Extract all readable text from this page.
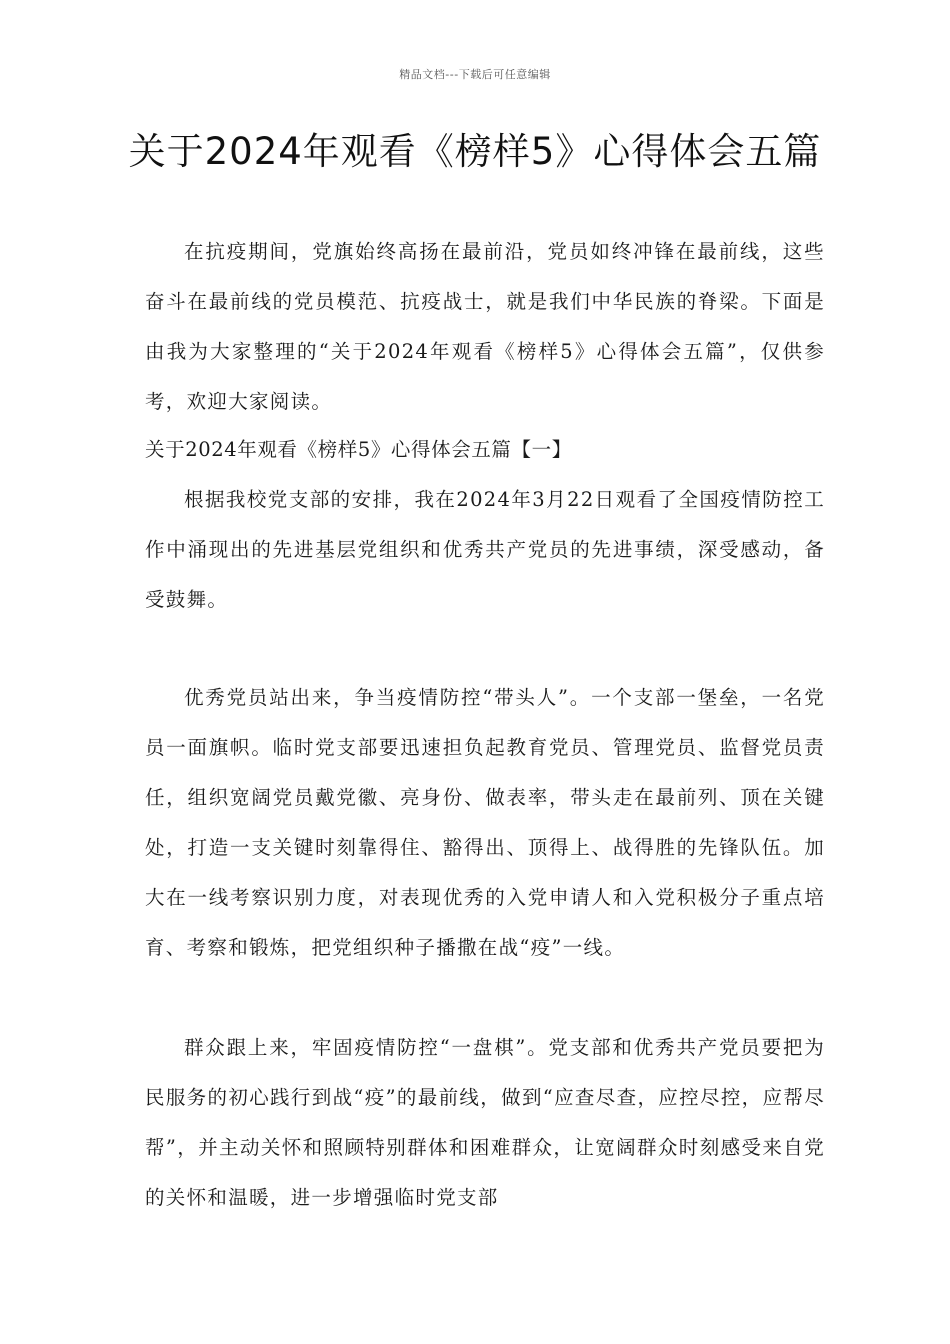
精品文档---下载后可任意编辑
关于2024年观看《榜样5》心得体会五篇

在抗疫期间，党旗始终高扬在最前沿，党员如终冲锋在最前线，这些奋斗在最前线的党员模范、抗疫战士，就是我们中华民族的脊梁。下面是由我为大家整理的“关于2024年观看《榜样5》心得体会五篇”，仅供参考，欢迎大家阅读。

关于2024年观看《榜样5》心得体会五篇【一】

根据我校党支部的安排，我在2024年3月22日观看了全国疫情防控工作中涌现出的先进基层党组织和优秀共产党员的先进事绩，深受感动，备受鼓舞。

优秀党员站出来，争当疫情防控“带头人”。一个支部一堡垒，一名党员一面旗帜。临时党支部要迅速担负起教育党员、管理党员、监督党员责任，组织宽阔党员戴党徽、亮身份、做表率，带头走在最前列、顶在关键处，打造一支关键时刻靠得住、豁得出、顶得上、战得胜的先锋队伍。加大在一线考察识别力度，对表现优秀的入党申请人和入党积极分子重点培育、考察和锻炼，把党组织种子播撒在战“疫”一线。

群众跟上来，牢固疫情防控“一盘棋”。党支部和优秀共产党员要把为民服务的初心践行到战“疫”的最前线，做到“应查尽查，应控尽控，应帮尽帮”，并主动关怀和照顾特别群体和困难群众，让宽阔群众时刻感受来自党的关怀和温暖，进一步增强临时党支部
